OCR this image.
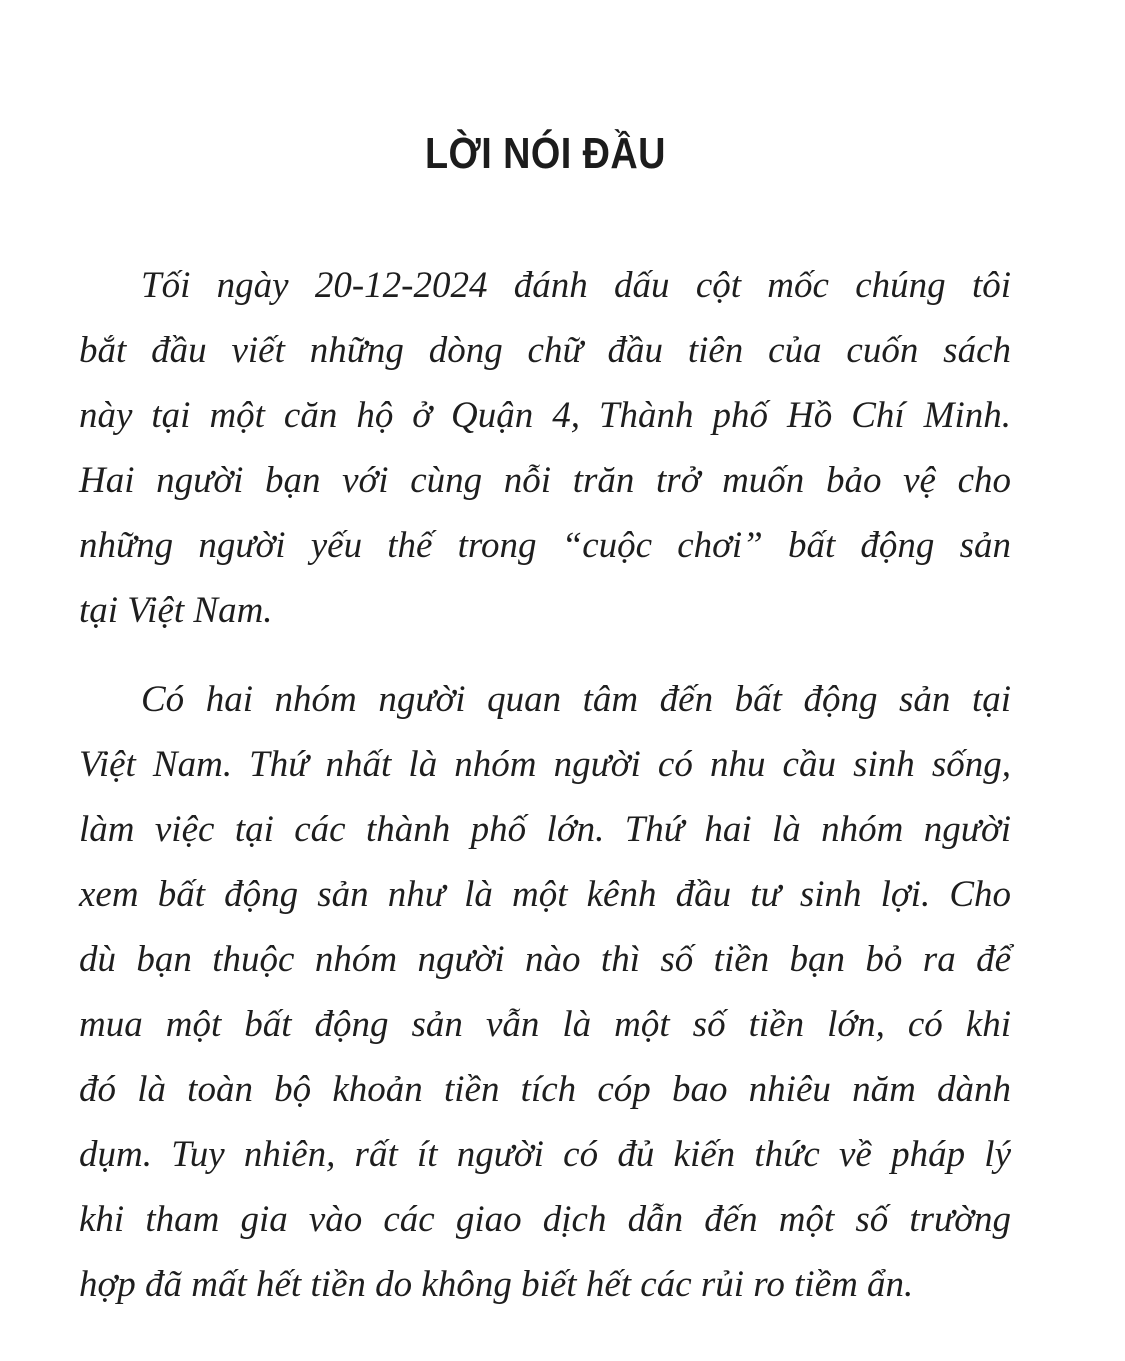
LỜI NÓI ĐẦU
Tối ngày 20-12-2024 đánh dấu cột mốc chúng tôi
bắt đầu viết những dòng chữ đầu tiên của cuốn sách
này tại một căn hộ ở Quận 4, Thành phố Hồ Chí Minh.
Hai người bạn với cùng nỗi trăn trở muốn bảo vệ cho
những người yếu thế trong “cuộc chơi” bất động sản
tại Việt Nam.
Có hai nhóm người quan tâm đến bất động sản tại
Việt Nam. Thứ nhất là nhóm người có nhu cầu sinh sống,
làm việc tại các thành phố lớn. Thứ hai là nhóm người
xem bất động sản như là một kênh đầu tư sinh lợi. Cho
dù bạn thuộc nhóm người nào thì số tiền bạn bỏ ra để
mua một bất động sản vẫn là một số tiền lớn, có khi
đó là toàn bộ khoản tiền tích cóp bao nhiêu năm dành
dụm. Tuy nhiên, rất ít người có đủ kiến thức về pháp lý
khi tham gia vào các giao dịch dẫn đến một số trường
hợp đã mất hết tiền do không biết hết các rủi ro tiềm ẩn.
